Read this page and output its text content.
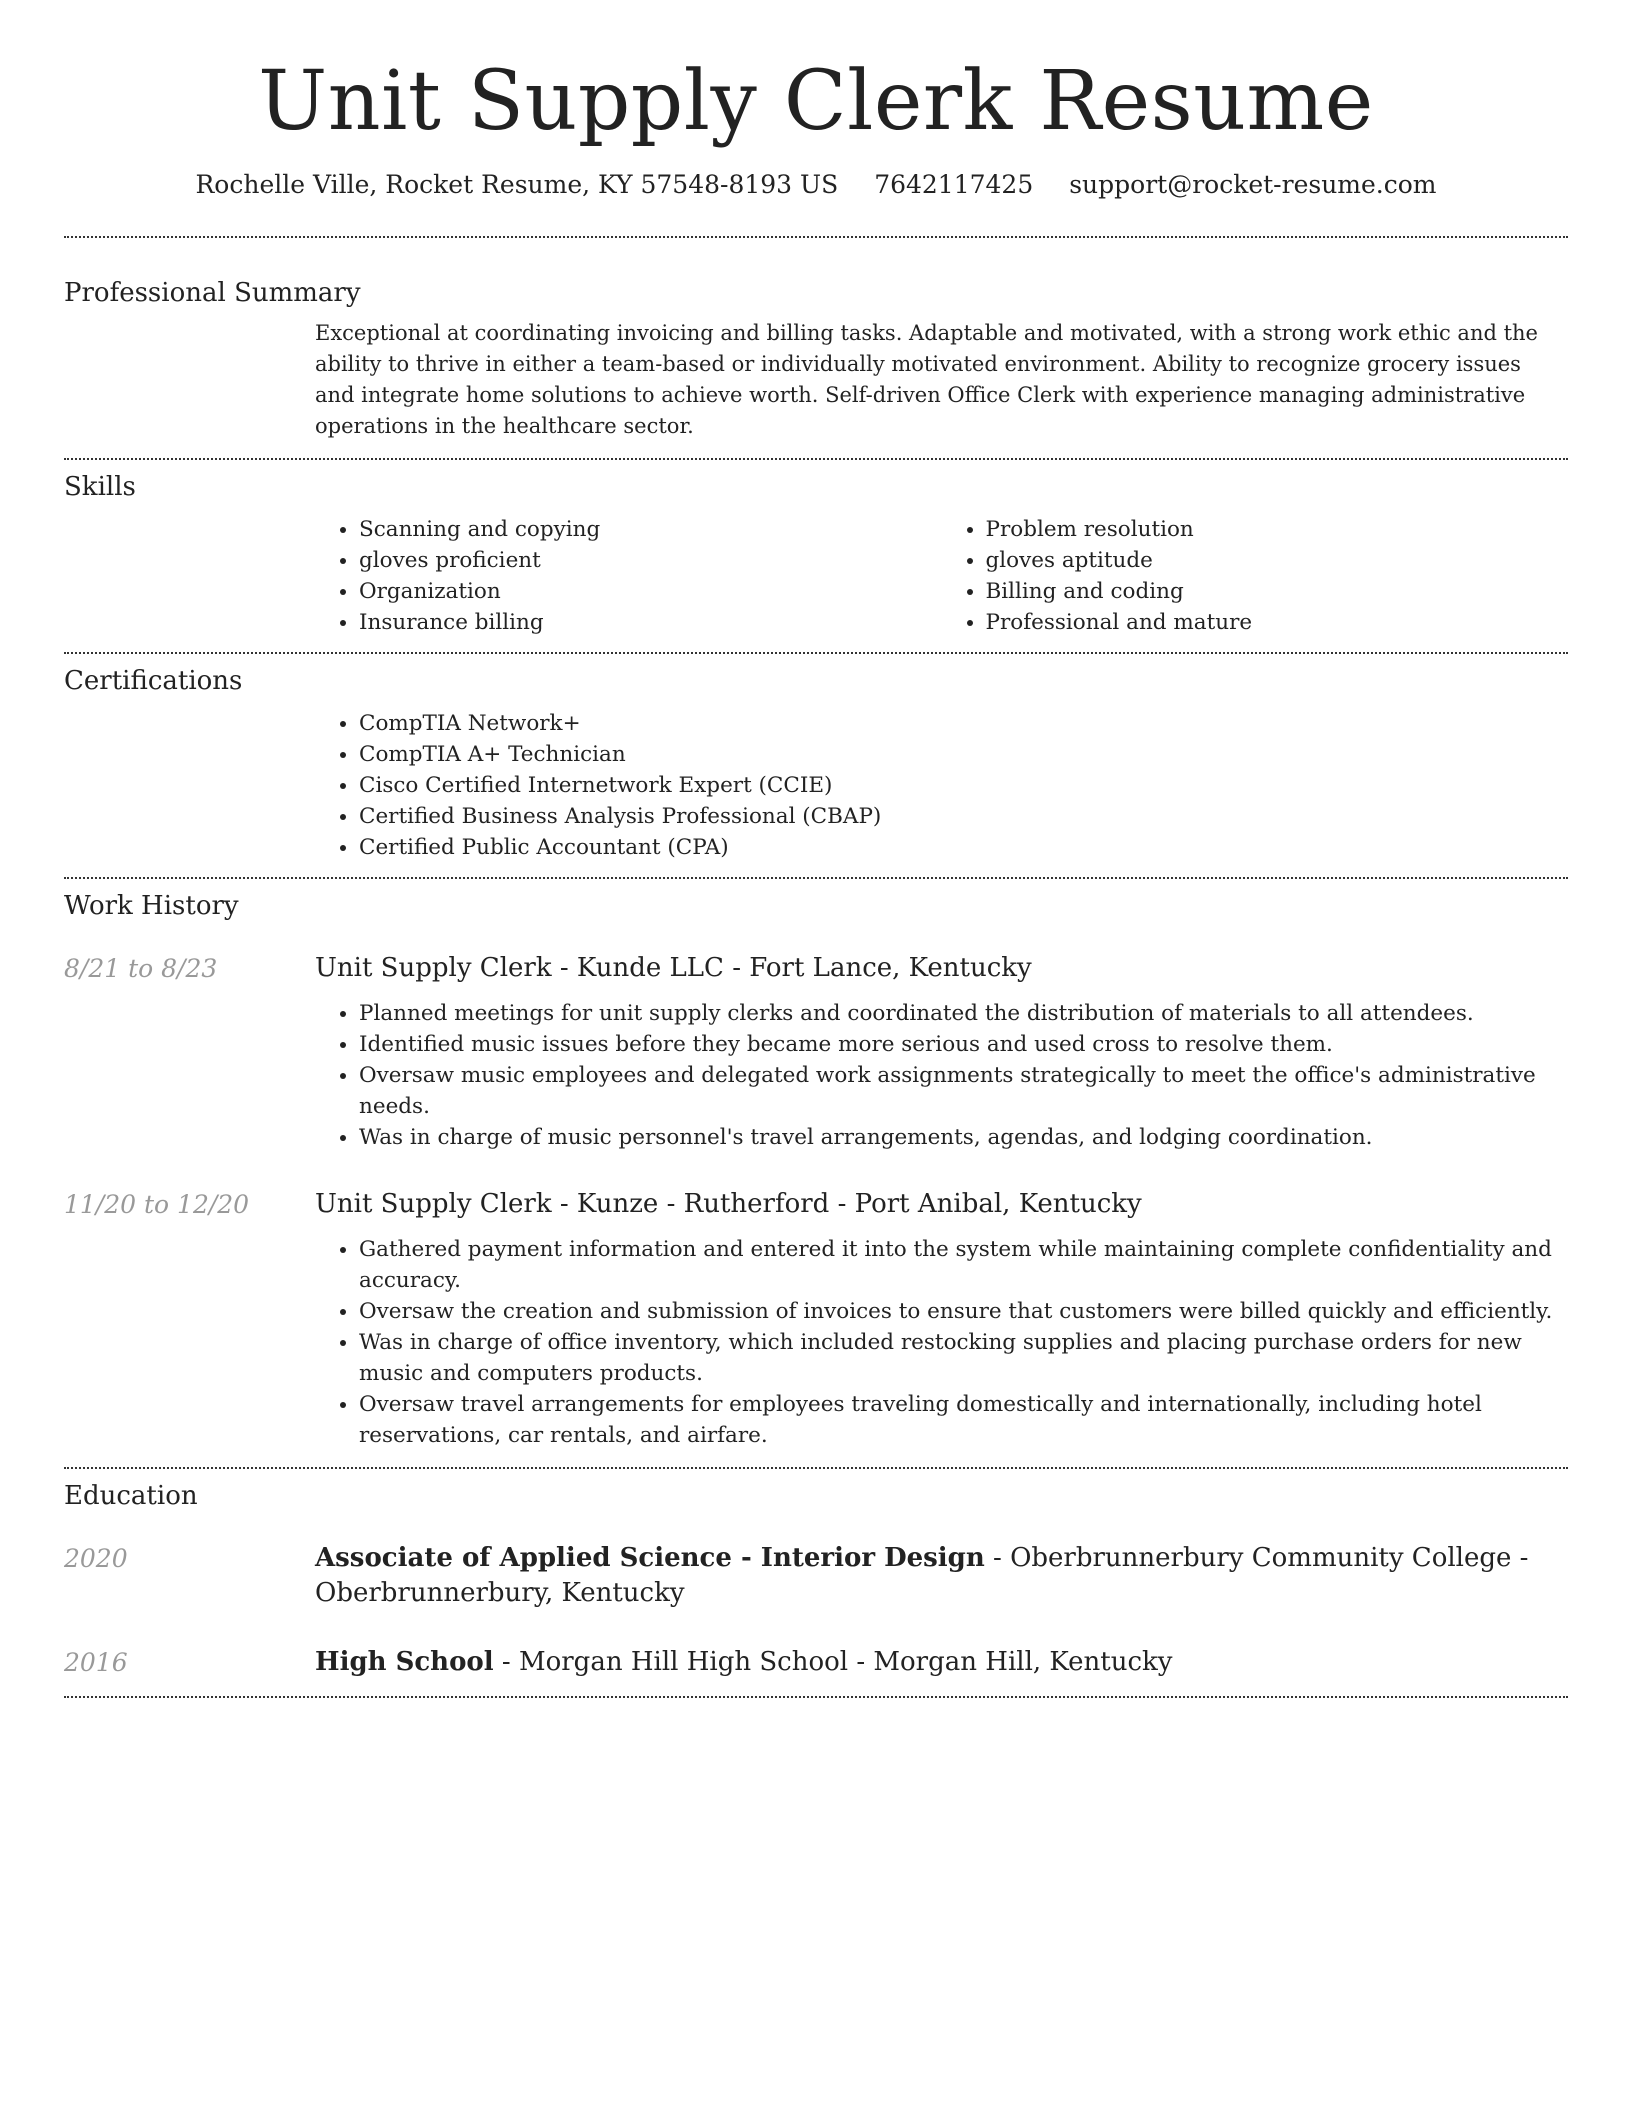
Unit Supply Clerk Resume
Rochelle Ville, Rocket Resume, KY 57548-8193 US 7642117425 support@rocket-resume.com
Professional Summary
Exceptional at coordinating invoicing and billing tasks. Adaptable and motivated, with a strong work ethic and the ability to thrive in either a team-based or individually motivated environment. Ability to recognize grocery issues and integrate home solutions to achieve worth. Self-driven Office Clerk with experience managing administrative operations in the healthcare sector.
Skills
• Scanning and copying
• gloves proficient
• Organization
• Insurance billing
• Problem resolution
• gloves aptitude
• Billing and coding
• Professional and mature
Certifications
• CompTIA Network+
• CompTIA A+ Technician
• Cisco Certified Internetwork Expert (CCIE)
• Certified Business Analysis Professional (CBAP)
• Certified Public Accountant (CPA)
Work History
8/21 to 8/23	Unit Supply Clerk - Kunde LLC - Fort Lance, Kentucky
• Planned meetings for unit supply clerks and coordinated the distribution of materials to all attendees.
• Identified music issues before they became more serious and used cross to resolve them.
• Oversaw music employees and delegated work assignments strategically to meet the office's administrative needs.
• Was in charge of music personnel's travel arrangements, agendas, and lodging coordination.
11/20 to 12/20	Unit Supply Clerk - Kunze - Rutherford - Port Anibal, Kentucky
• Gathered payment information and entered it into the system while maintaining complete confidentiality and accuracy.
• Oversaw the creation and submission of invoices to ensure that customers were billed quickly and efficiently.
• Was in charge of office inventory, which included restocking supplies and placing purchase orders for new music and computers products.
• Oversaw travel arrangements for employees traveling domestically and internationally, including hotel reservations, car rentals, and airfare.
Education
2020	Associate of Applied Science - Interior Design - Oberbrunnerbury Community College - Oberbrunnerbury, Kentucky
2016	High School - Morgan Hill High School - Morgan Hill, Kentucky
